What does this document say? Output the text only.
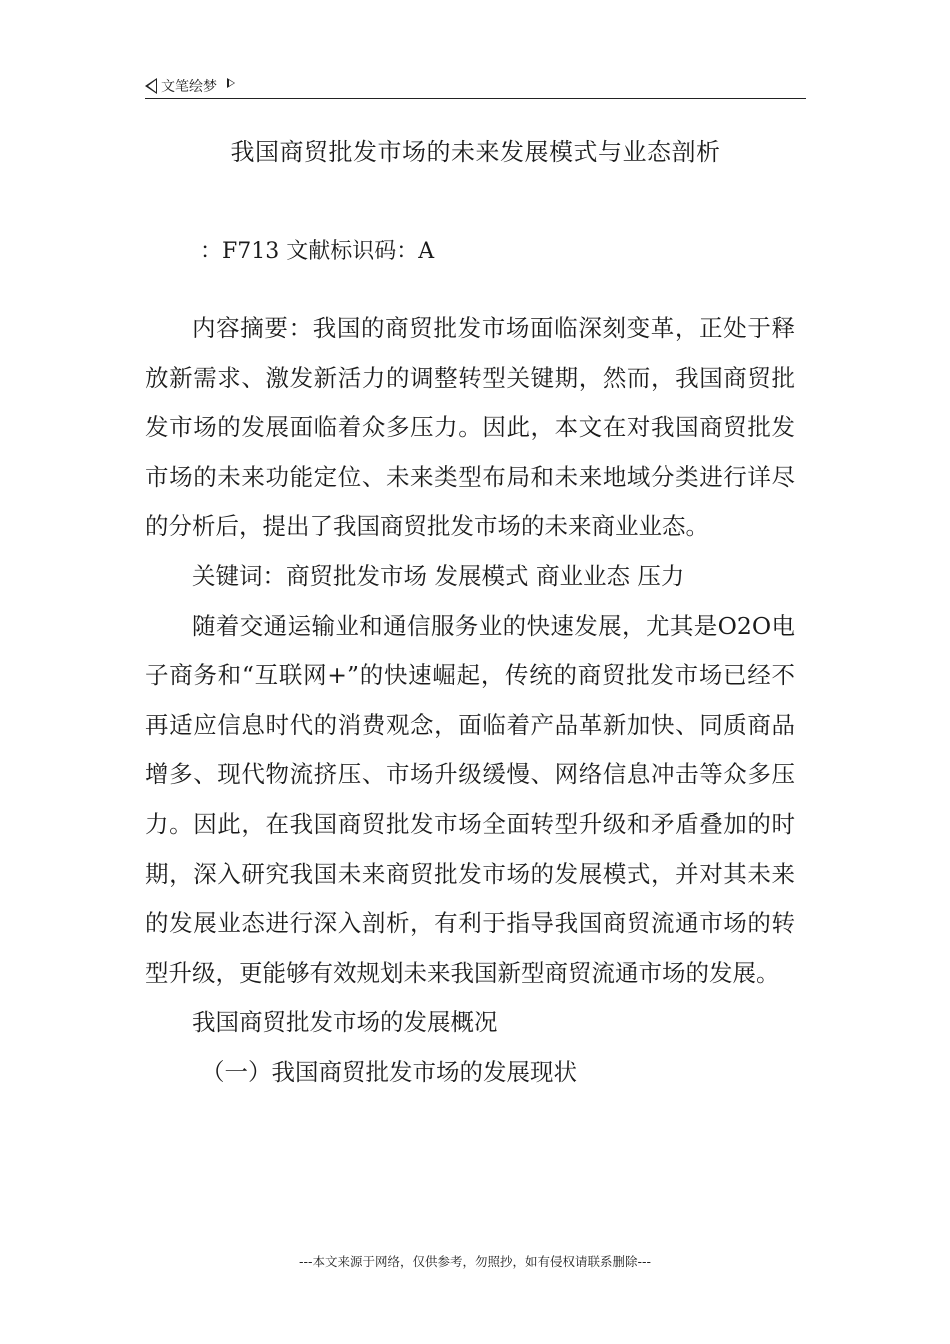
文笔绘梦
我国商贸批发市场的未来发展模式与业态剖析
：F713 文献标识码：A

内容摘要：我国的商贸批发市场面临深刻变革，正处于释放新需求、激发新活力的调整转型关键期，然而，我国商贸批发市场的发展面临着众多压力。因此，本文在对我国商贸批发市场的未来功能定位、未来类型布局和未来地域分类进行详尽的分析后，提出了我国商贸批发市场的未来商业业态。

关键词：商贸批发市场 发展模式 商业业态 压力

随着交通运输业和通信服务业的快速发展，尤其是O2O电子商务和“互联网+”的快速崛起，传统的商贸批发市场已经不再适应信息时代的消费观念，面临着产品革新加快、同质商品增多、现代物流挤压、市场升级缓慢、网络信息冲击等众多压力。因此，在我国商贸批发市场全面转型升级和矛盾叠加的时期，深入研究我国未来商贸批发市场的发展模式，并对其未来的发展业态进行深入剖析，有利于指导我国商贸流通市场的转型升级，更能够有效规划未来我国新型商贸流通市场的发展。

我国商贸批发市场的发展概况

（一）我国商贸批发市场的发展现状

---本文来源于网络，仅供参考，勿照抄，如有侵权请联系删除---
